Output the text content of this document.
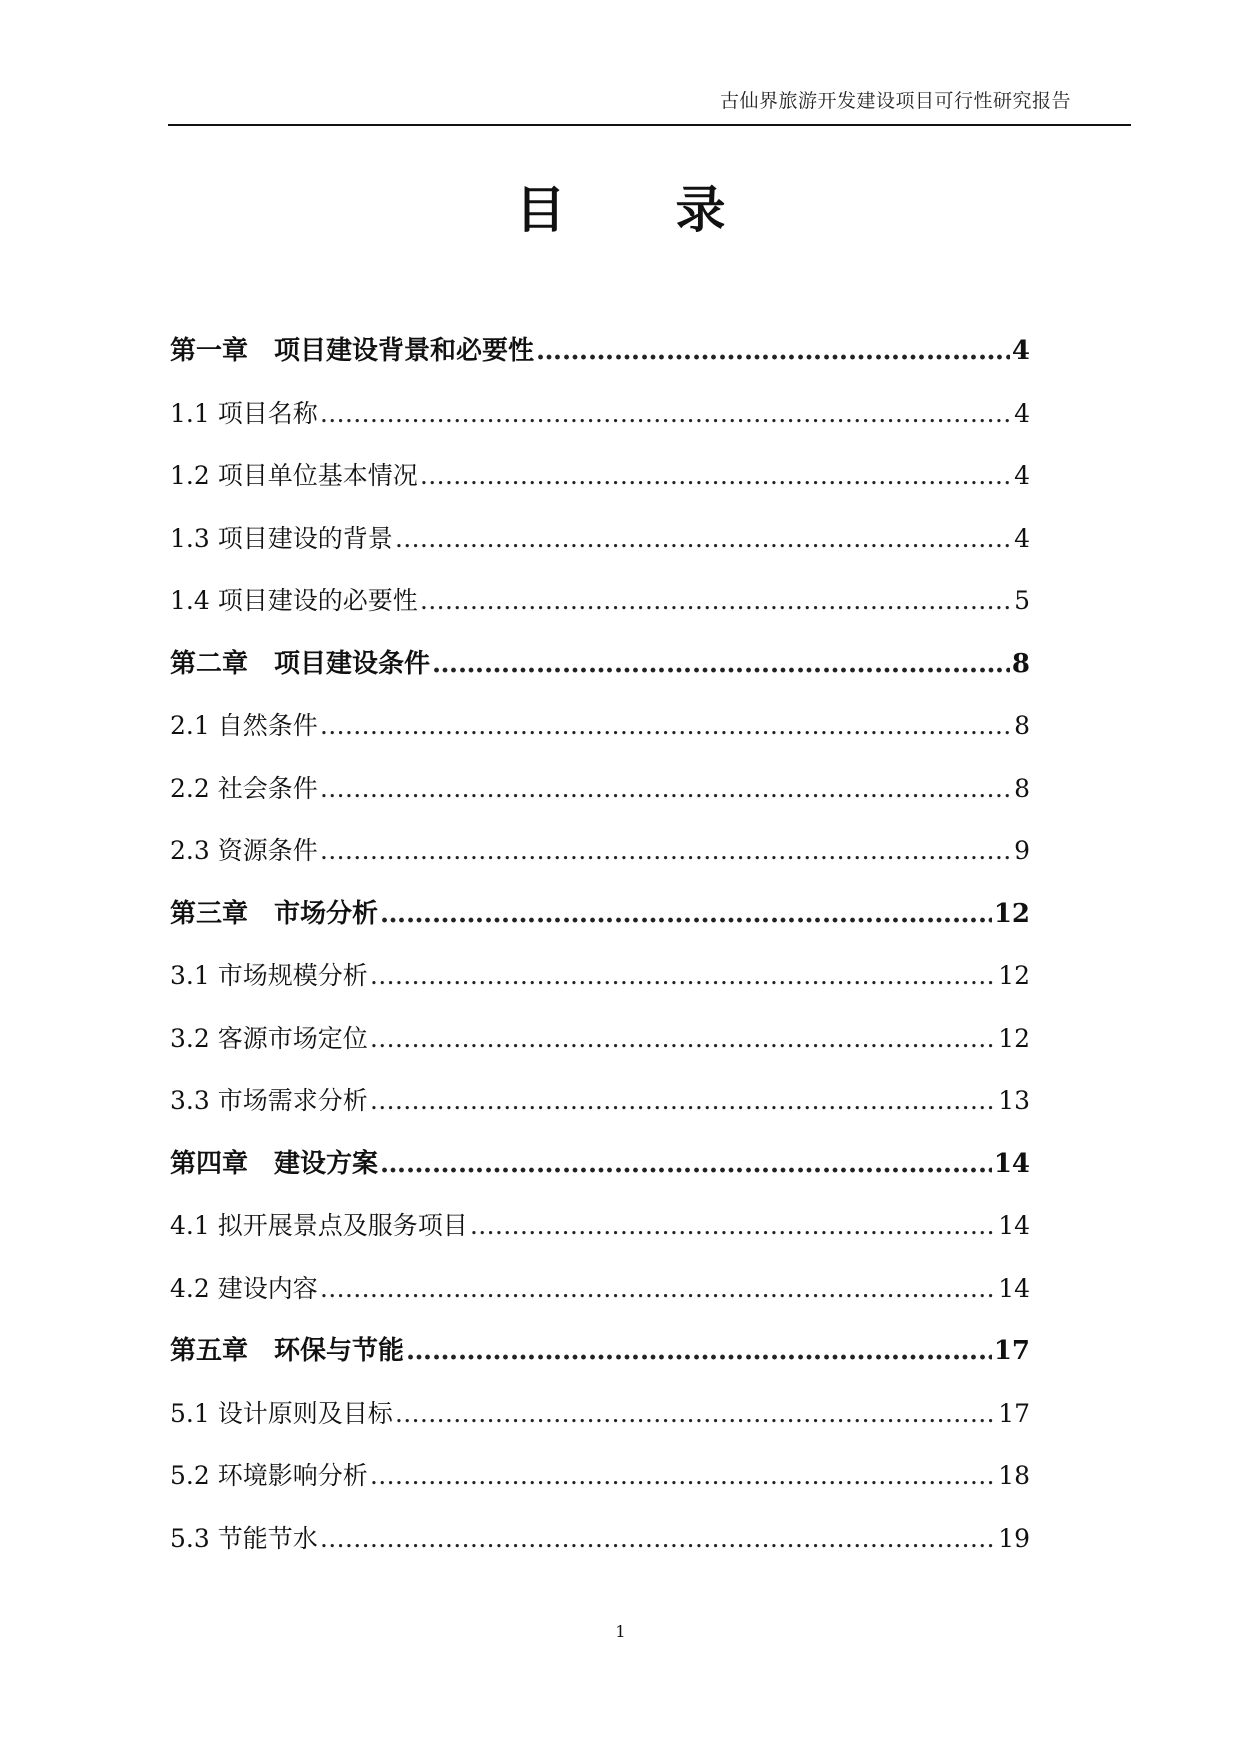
古仙界旅游开发建设项目可行性研究报告
目录
第一章　项目建设背景和必要性 ……………………………………………………………………………………………………………………………………………………	4
1.1 项目名称 ……………………………………………………………………………………………………………………………………………………	4
1.2 项目单位基本情况 ……………………………………………………………………………………………………………………………………………………	4
1.3 项目建设的背景 ……………………………………………………………………………………………………………………………………………………	4
1.4 项目建设的必要性 ……………………………………………………………………………………………………………………………………………………	5
第二章　项目建设条件 ……………………………………………………………………………………………………………………………………………………	8
2.1 自然条件 ……………………………………………………………………………………………………………………………………………………	8
2.2 社会条件 ……………………………………………………………………………………………………………………………………………………	8
2.3 资源条件 ……………………………………………………………………………………………………………………………………………………	9
第三章　市场分析 ……………………………………………………………………………………………………………………………………………………	12
3.1 市场规模分析 ……………………………………………………………………………………………………………………………………………………	12
3.2 客源市场定位 ……………………………………………………………………………………………………………………………………………………	12
3.3 市场需求分析 ……………………………………………………………………………………………………………………………………………………	13
第四章　建设方案 ……………………………………………………………………………………………………………………………………………………	14
4.1 拟开展景点及服务项目 ……………………………………………………………………………………………………………………………………………………	14
4.2 建设内容 ……………………………………………………………………………………………………………………………………………………	14
第五章　环保与节能 ……………………………………………………………………………………………………………………………………………………	17
5.1 设计原则及目标 ……………………………………………………………………………………………………………………………………………………	17
5.2 环境影响分析 ……………………………………………………………………………………………………………………………………………………	18
5.3 节能节水 ……………………………………………………………………………………………………………………………………………………	19
1
